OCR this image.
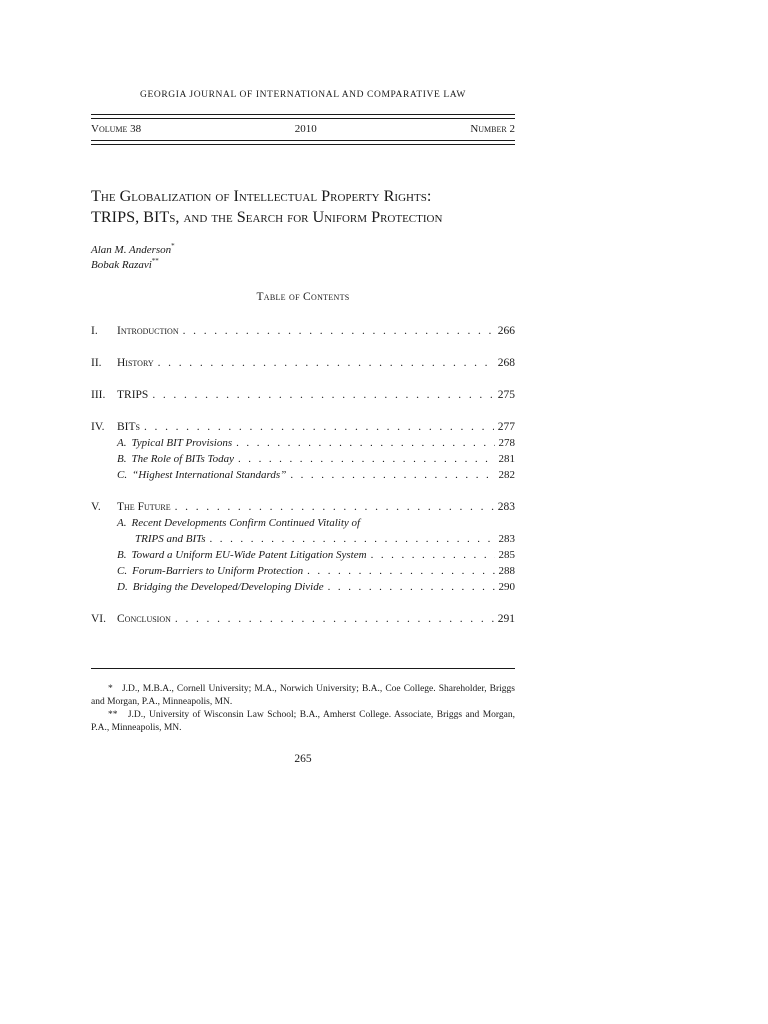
GEORGIA JOURNAL OF INTERNATIONAL AND COMPARATIVE LAW
Volume 38	2010	Number 2
The Globalization of Intellectual Property Rights:
TRIPS, BITs, and the Search for Uniform Protection
Alan M. Anderson*
Bobak Razavi**
Table of Contents
I.	Introduction . . .	266
II.	History . . .	268
III.	TRIPS . . .	275
IV.	BITs . . .	277
A. Typical BIT Provisions . . .	278
B. The Role of BITs Today . . .	281
C. “Highest International Standards” . . .	282
V.	The Future . . .	283
A. Recent Developments Confirm Continued Vitality of
TRIPS and BITs . . .	283
B. Toward a Uniform EU-Wide Patent Litigation System . . .	285
C. Forum-Barriers to Uniform Protection . . .	288
D. Bridging the Developed/Developing Divide . . .	290
VI. Conclusion . . .	291

* J.D., M.B.A., Cornell University; M.A., Norwich University; B.A., Coe College. Shareholder, Briggs and Morgan, P.A., Minneapolis, MN.

** J.D., University of Wisconsin Law School; B.A., Amherst College. Associate, Briggs and Morgan, P.A., Minneapolis, MN.

265
